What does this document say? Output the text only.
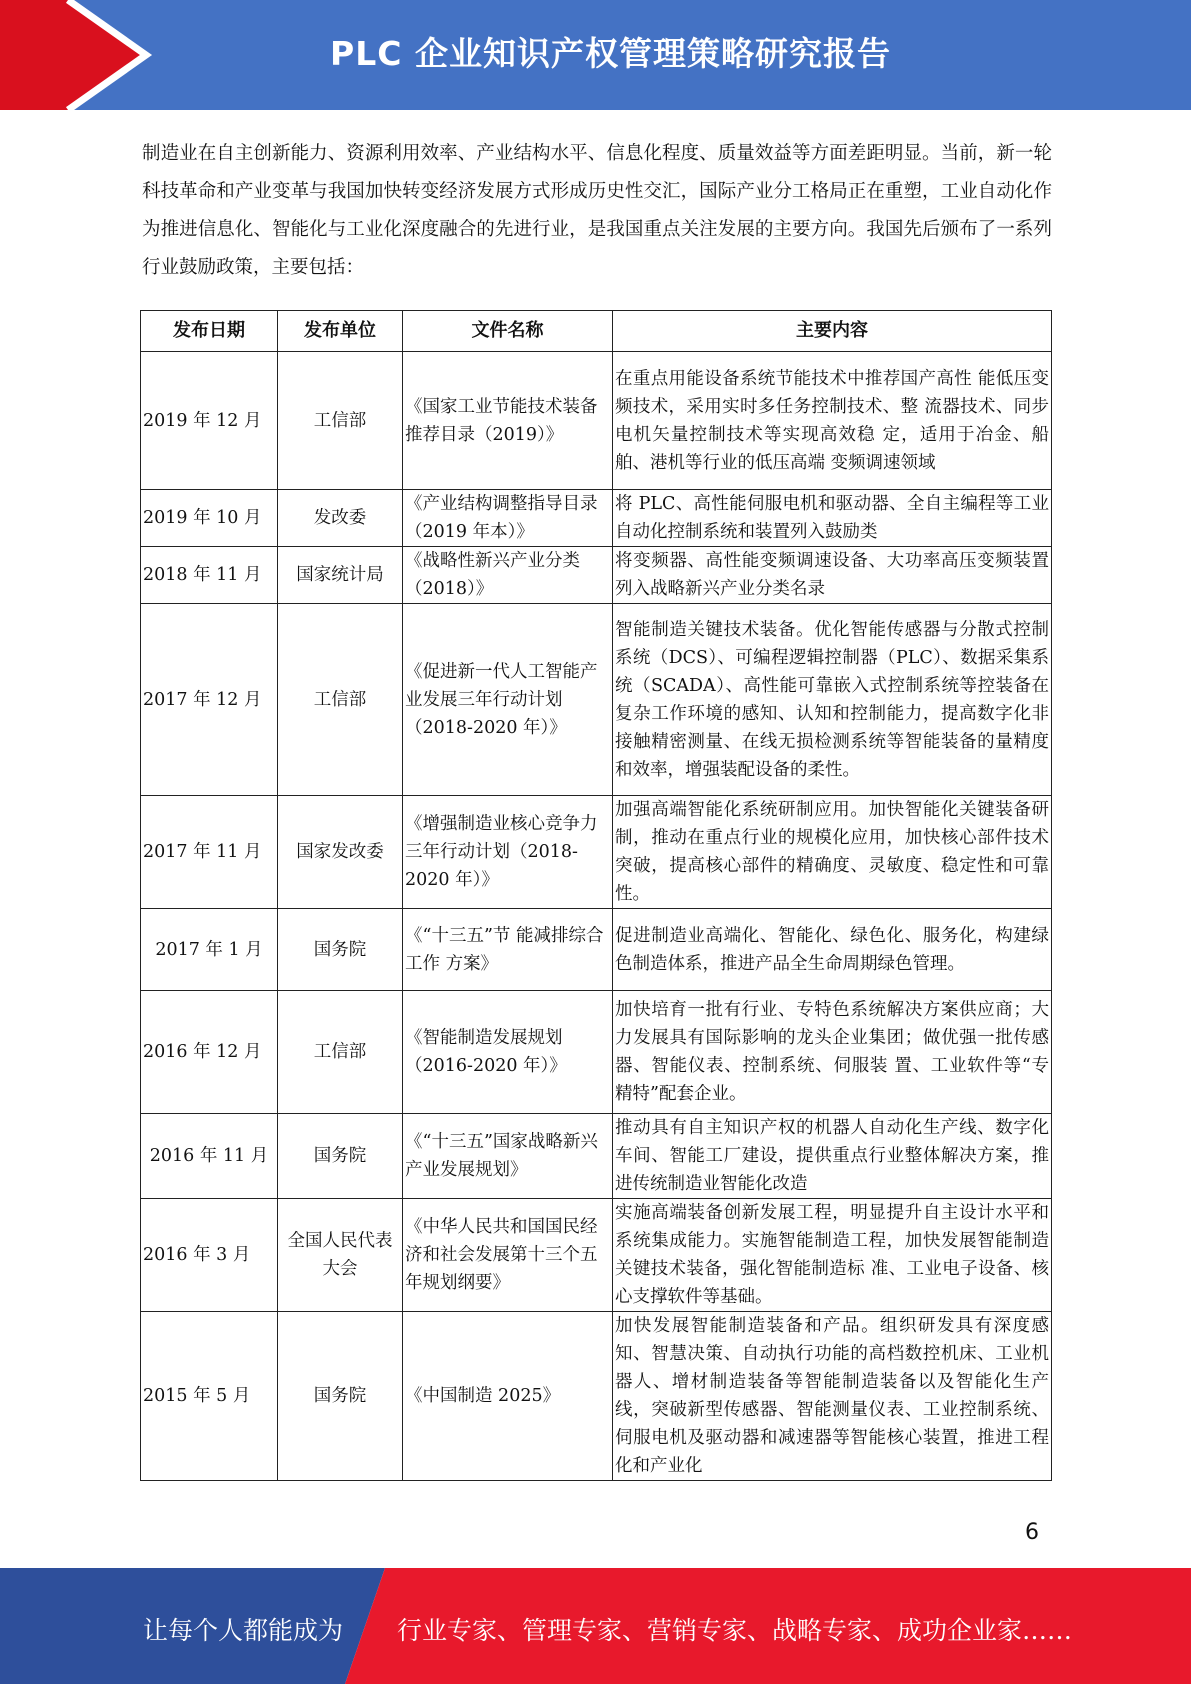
PLC 企业知识产权管理策略研究报告

制造业在自主创新能力、资源利用效率、产业结构水平、信息化程度、质量效益等方面差距明显。当前，新一轮科技革命和产业变革与我国加快转变经济发展方式形成历史性交汇，国际产业分工格局正在重塑，工业自动化作为推进信息化、智能化与工业化深度融合的先进行业，是我国重点关注发展的主要方向。我国先后颁布了一系列行业鼓励政策，主要包括：

发布日期	发布单位	文件名称	主要内容
2019 年 12 月	工信部	《国家工业节能技术装备推荐目录（2019）》	在重点用能设备系统节能技术中推荐国产高性 能低压变频技术，采用实时多任务控制技术、整 流器技术、同步电机矢量控制技术等实现高效稳 定，适用于冶金、船舶、港机等行业的低压高端 变频调速领域
2019 年 10 月	发改委	《产业结构调整指导目录（2019 年本）》	将 PLC、高性能伺服电机和驱动器、全自主编程等工业自动化控制系统和装置列入鼓励类
2018 年 11 月	国家统计局	《战略性新兴产业分类（2018）》	将变频器、高性能变频调速设备、大功率高压变频装置列入战略新兴产业分类名录
2017 年 12 月	工信部	《促进新一代人工智能产业发展三年行动计划（2018-2020 年）》	智能制造关键技术装备。优化智能传感器与分散式控制系统（DCS）、可编程逻辑控制器（PLC）、数据采集系统（SCADA）、高性能可靠嵌入式控制系统等控装备在复杂工作环境的感知、认知和控制能力，提高数字化非接触精密测量、在线无损检测系统等智能装备的量精度和效率，增强装配设备的柔性。
2017 年 11 月	国家发改委	《增强制造业核心竞争力三年行动计划（2018-2020 年）》	加强高端智能化系统研制应用。加快智能化关键装备研制，推动在重点行业的规模化应用，加快核心部件技术突破，提高核心部件的精确度、灵敏度、稳定性和可靠性。
2017 年 1 月	国务院	《“十三五”节 能减排综合工作 方案》	促进制造业高端化、智能化、绿色化、服务化，构建绿色制造体系，推进产品全生命周期绿色管理。
2016 年 12 月	工信部	《智能制造发展规划（2016-2020 年）》	加快培育一批有行业、专特色系统解决方案供应商；大力发展具有国际影响的龙头企业集团；做优强一批传感器、智能仪表、控制系统、伺服装 置、工业软件等“专精特”配套企业。
2016 年 11 月	国务院	《“十三五”国家战略新兴产业发展规划》	推动具有自主知识产权的机器人自动化生产线、数字化车间、智能工厂建设，提供重点行业整体解决方案，推进传统制造业智能化改造
2016 年 3 月	全国人民代表大会	《中华人民共和国国民经济和社会发展第十三个五年规划纲要》	实施高端装备创新发展工程，明显提升自主设计水平和系统集成能力。实施智能制造工程，加快发展智能制造关键技术装备，强化智能制造标 准、工业电子设备、核心支撑软件等基础。
2015 年 5 月	国务院	《中国制造 2025》	加快发展智能制造装备和产品。组织研发具有深度感知、智慧决策、自动执行功能的高档数控机床、工业机器人、增材制造装备等智能制造装备以及智能化生产线，突破新型传感器、智能测量仪表、工业控制系统、伺服电机及驱动器和减速器等智能核心装置，推进工程化和产业化
6
让每个人都能成为 行业专家、管理专家、营销专家、战略专家、成功企业家……
